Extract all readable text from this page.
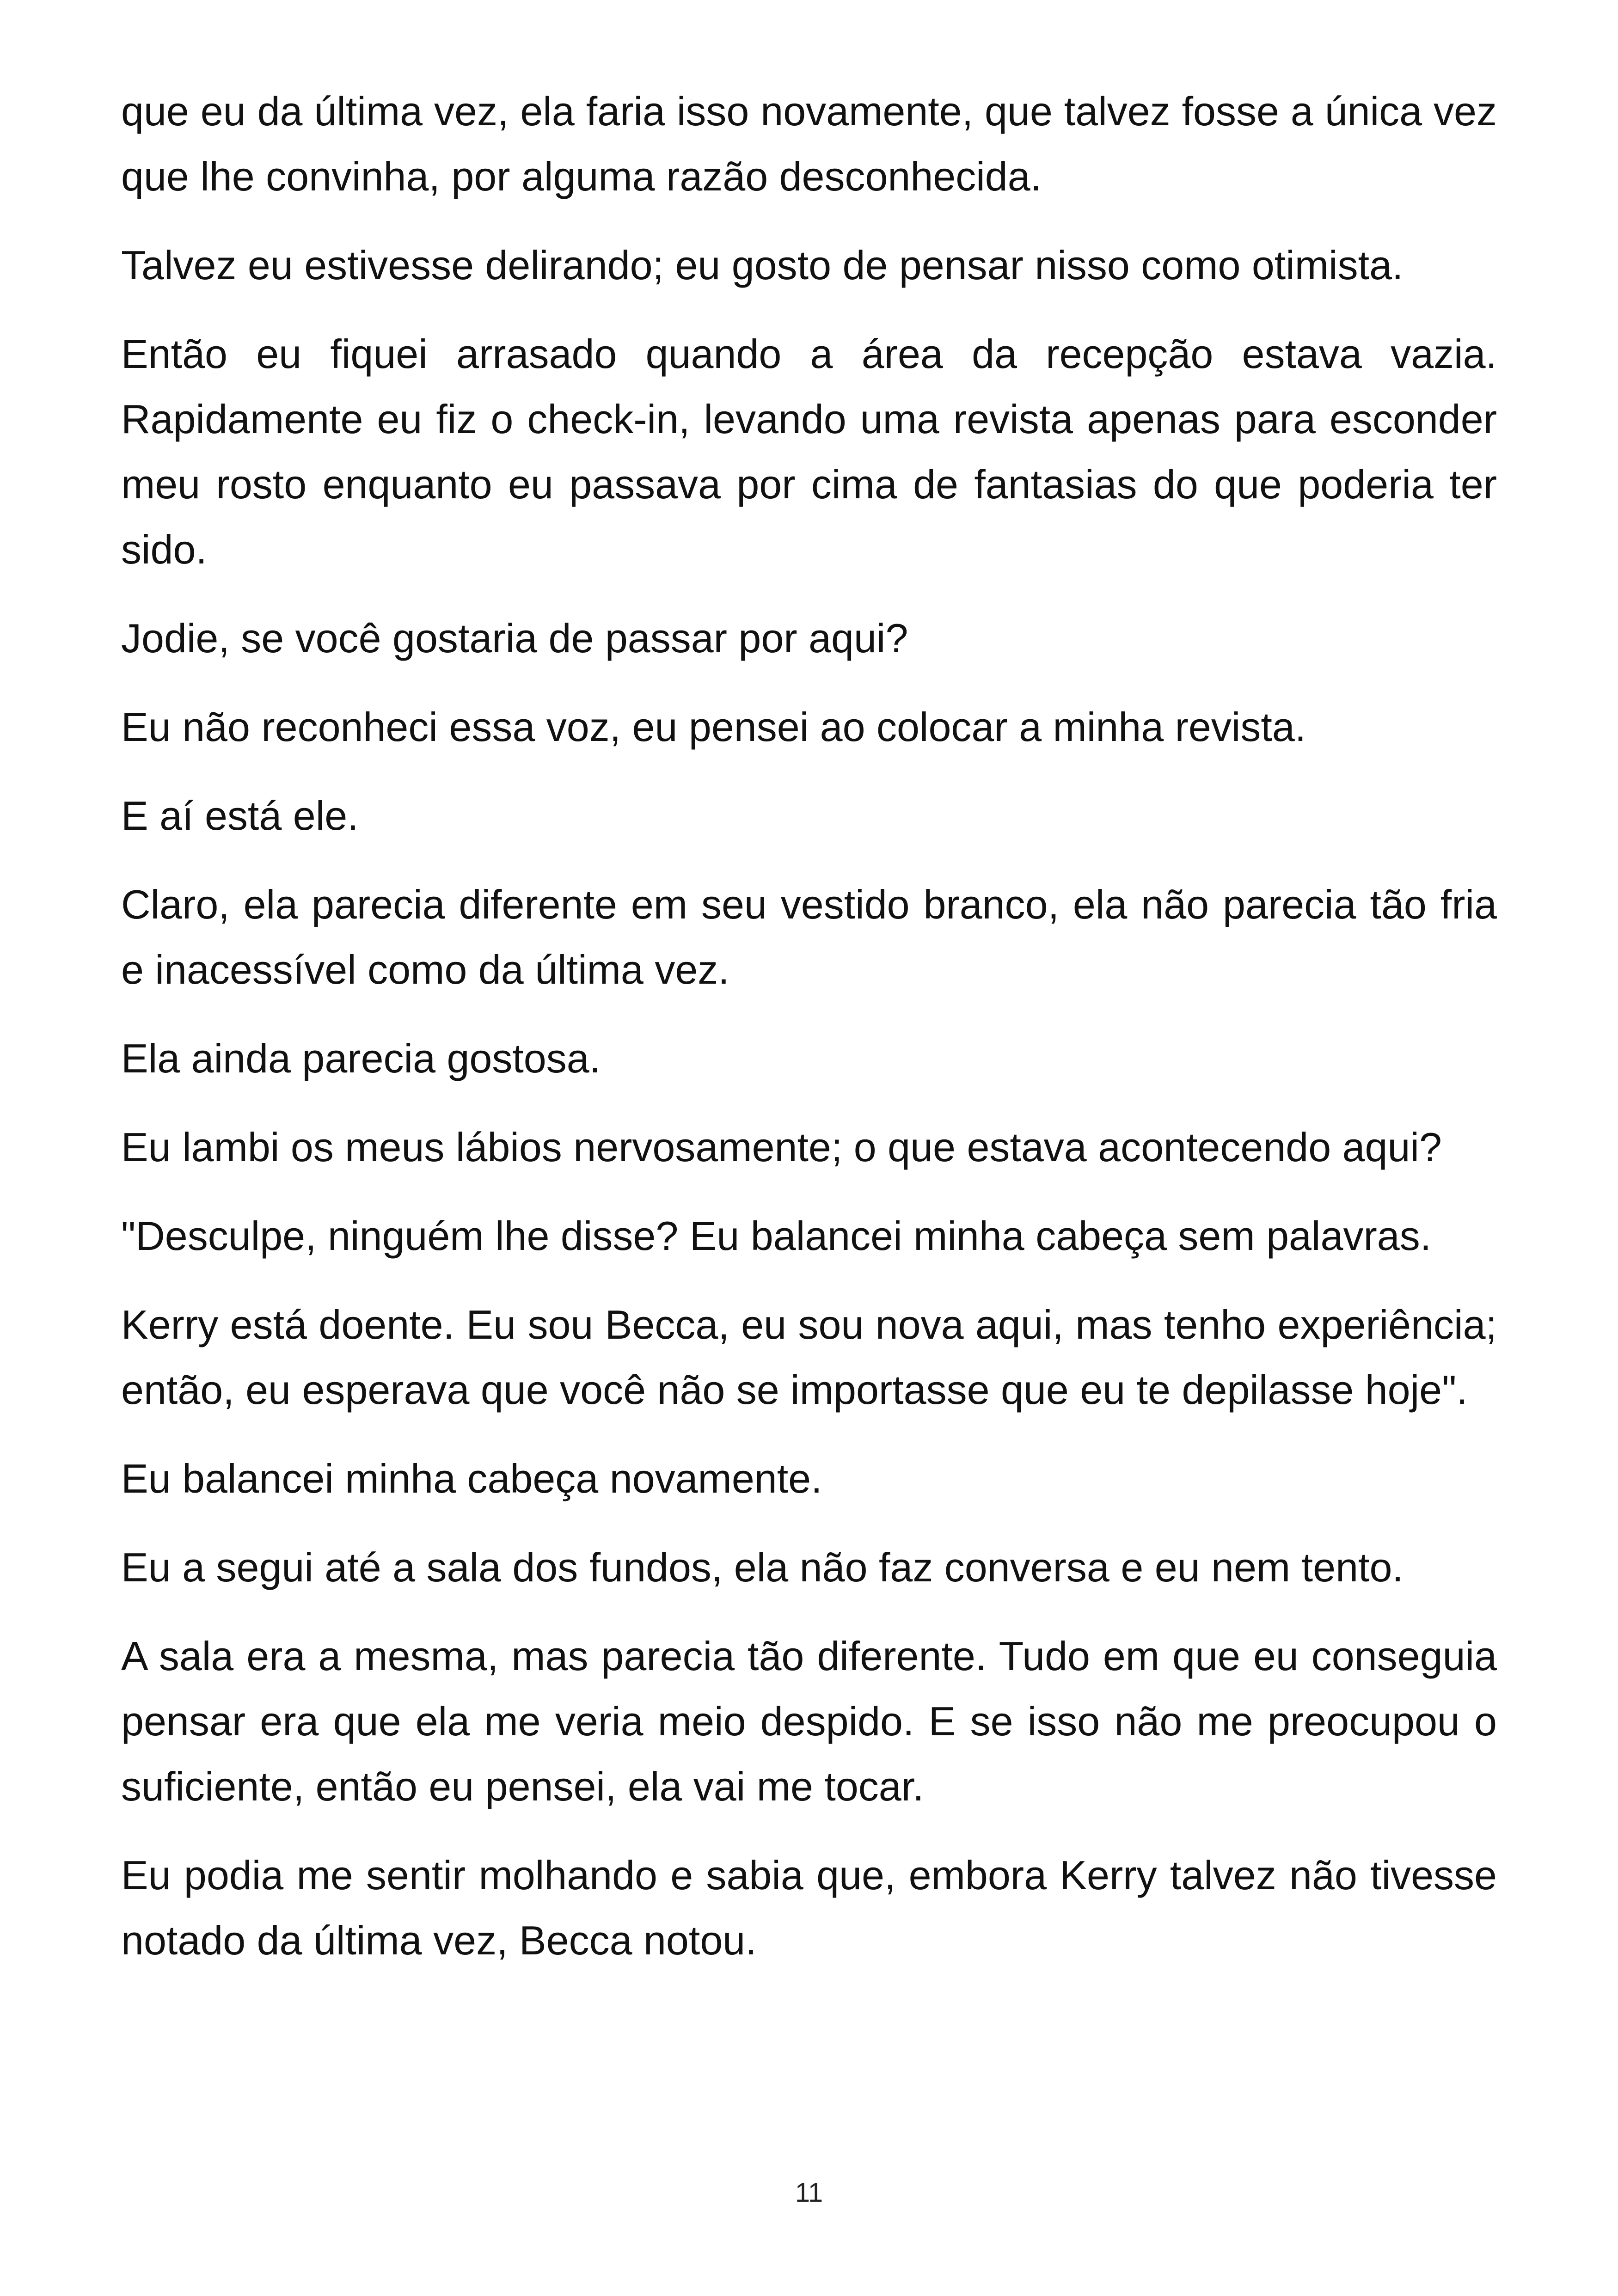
que eu da última vez, ela faria isso novamente, que talvez fosse a única vez que lhe convinha, por alguma razão desconhecida.

Talvez eu estivesse delirando; eu gosto de pensar nisso como otimista.

Então eu fiquei arrasado quando a área da recepção estava vazia. Rapidamente eu fiz o check-in, levando uma revista apenas para esconder meu rosto enquanto eu passava por cima de fantasias do que poderia ter sido.

Jodie, se você gostaria de passar por aqui?

Eu não reconheci essa voz, eu pensei ao colocar a minha revista.

E aí está ele.

Claro, ela parecia diferente em seu vestido branco, ela não parecia tão fria e inacessível como da última vez.

Ela ainda parecia gostosa.

Eu lambi os meus lábios nervosamente; o que estava acontecendo aqui?

"Desculpe, ninguém lhe disse? Eu balancei minha cabeça sem palavras.

Kerry está doente. Eu sou Becca, eu sou nova aqui, mas tenho experiência; então, eu esperava que você não se importasse que eu te depilasse hoje".

Eu balancei minha cabeça novamente.

Eu a segui até a sala dos fundos, ela não faz conversa e eu nem tento.

A sala era a mesma, mas parecia tão diferente. Tudo em que eu conseguia pensar era que ela me veria meio despido. E se isso não me preocupou o suficiente, então eu pensei, ela vai me tocar.

Eu podia me sentir molhando e sabia que, embora Kerry talvez não tivesse notado da última vez, Becca notou.

11
